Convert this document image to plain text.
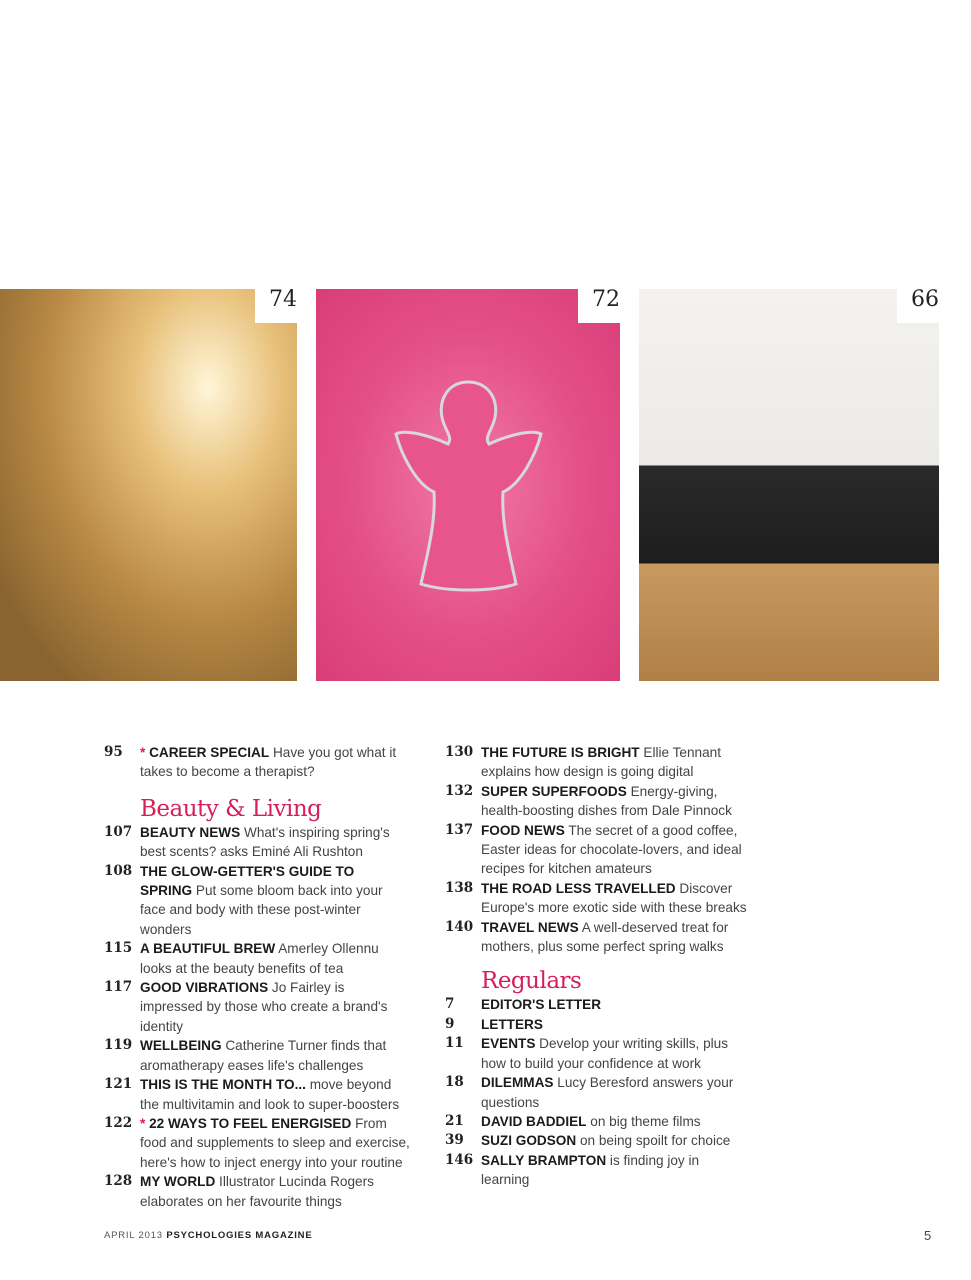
74	72	66
95	* CAREER SPECIAL Have you got what it takes to become a therapist?
Beauty & Living
107 BEAUTY NEWS What's inspiring spring's best scents? asks Eminé Ali Rushton
108 THE GLOW-GETTER'S GUIDE TO SPRING Put some bloom back into your face and body with these post-winter wonders
115 A BEAUTIFUL BREW Amerley Ollennu looks at the beauty benefits of tea
117 GOOD VIBRATIONS Jo Fairley is impressed by those who create a brand's identity
119 WELLBEING Catherine Turner finds that aromatherapy eases life's challenges
121 THIS IS THE MONTH TO... move beyond the multivitamin and look to super-boosters
122 * 22 WAYS TO FEEL ENERGISED From food and supplements to sleep and exercise, here's how to inject energy into your routine
128 MY WORLD Illustrator Lucinda Rogers elaborates on her favourite things
130 THE FUTURE IS BRIGHT Ellie Tennant explains how design is going digital
132 SUPER SUPERFOODS Energy-giving, health-boosting dishes from Dale Pinnock
137 FOOD NEWS The secret of a good coffee, Easter ideas for chocolate-lovers, and ideal recipes for kitchen amateurs
138 THE ROAD LESS TRAVELLED Discover Europe's more exotic side with these breaks
140 TRAVEL NEWS A well-deserved treat for mothers, plus some perfect spring walks
Regulars
7	EDITOR'S LETTER
9	LETTERS
11	EVENTS Develop your writing skills, plus how to build your confidence at work
18	DILEMMAS Lucy Beresford answers your questions
21	DAVID BADDIEL on big theme films
39	SUZI GODSON on being spoilt for choice
146 SALLY BRAMPTON is finding joy in learning
APRIL 2013 PSYCHOLOGIES MAGAZINE	5
